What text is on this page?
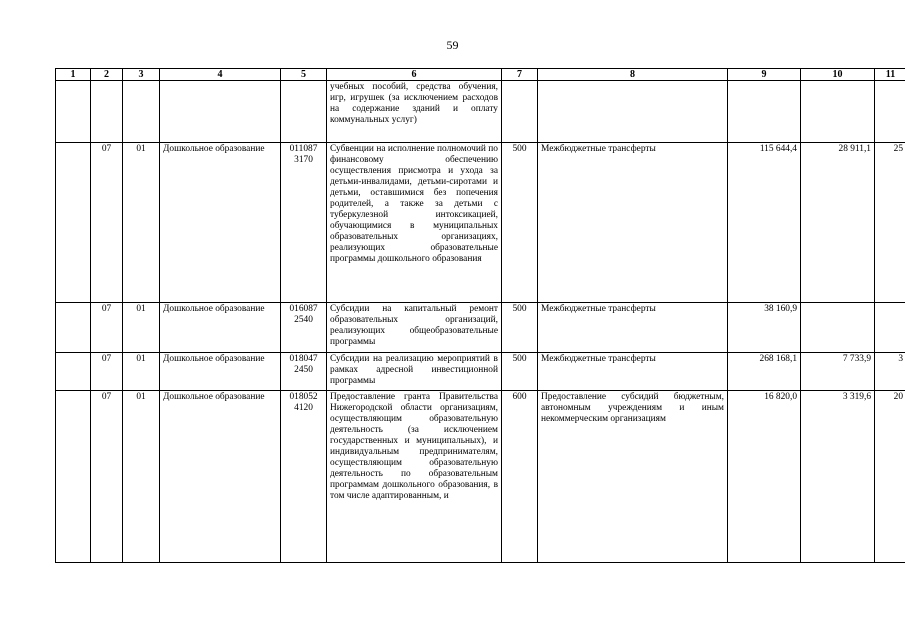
59
1	2	3	4	5	6	7	8	9	10	11
					учебных пособий, средства обучения, игр, игрушек (за исключением расходов на содержание зданий и оплату коммунальных услуг)					
	07	01	Дошкольное образование	011087 3170	Субвенции на исполнение полномочий по финансовому обеспечению осуществления присмотра и ухода за детьми-инвалидами, детьми-сиротами и детьми, оставшимися без попечения родителей, а также за детьми с туберкулезной интоксикацией, обучающимися в муниципальных образовательных организациях, реализующих образовательные программы дошкольного образования	500	Межбюджетные трансферты	115 644,4	28 911,1	25
	07	01	Дошкольное образование	016087 2540	Субсидии на капитальный ремонт образовательных организаций, реализующих общеобразовательные программы	500	Межбюджетные трансферты	38 160,9		
	07	01	Дошкольное образование	018047 2450	Субсидии на реализацию мероприятий в рамках адресной инвестиционной программы	500	Межбюджетные трансферты	268 168,1	7 733,9	3
	07	01	Дошкольное образование	018052 4120	Предоставление гранта Правительства Нижегородской области организациям, осуществляющим образовательную деятельность (за исключением государственных и муниципальных), и индивидуальным предпринимателям, осуществляющим образовательную деятельность по образовательным программам дошкольного образования, в том числе адаптированным, и	600	Предоставление субсидий бюджетным, автономным учреждениям и иным некоммерческим организациям	16 820,0	3 319,6	20
